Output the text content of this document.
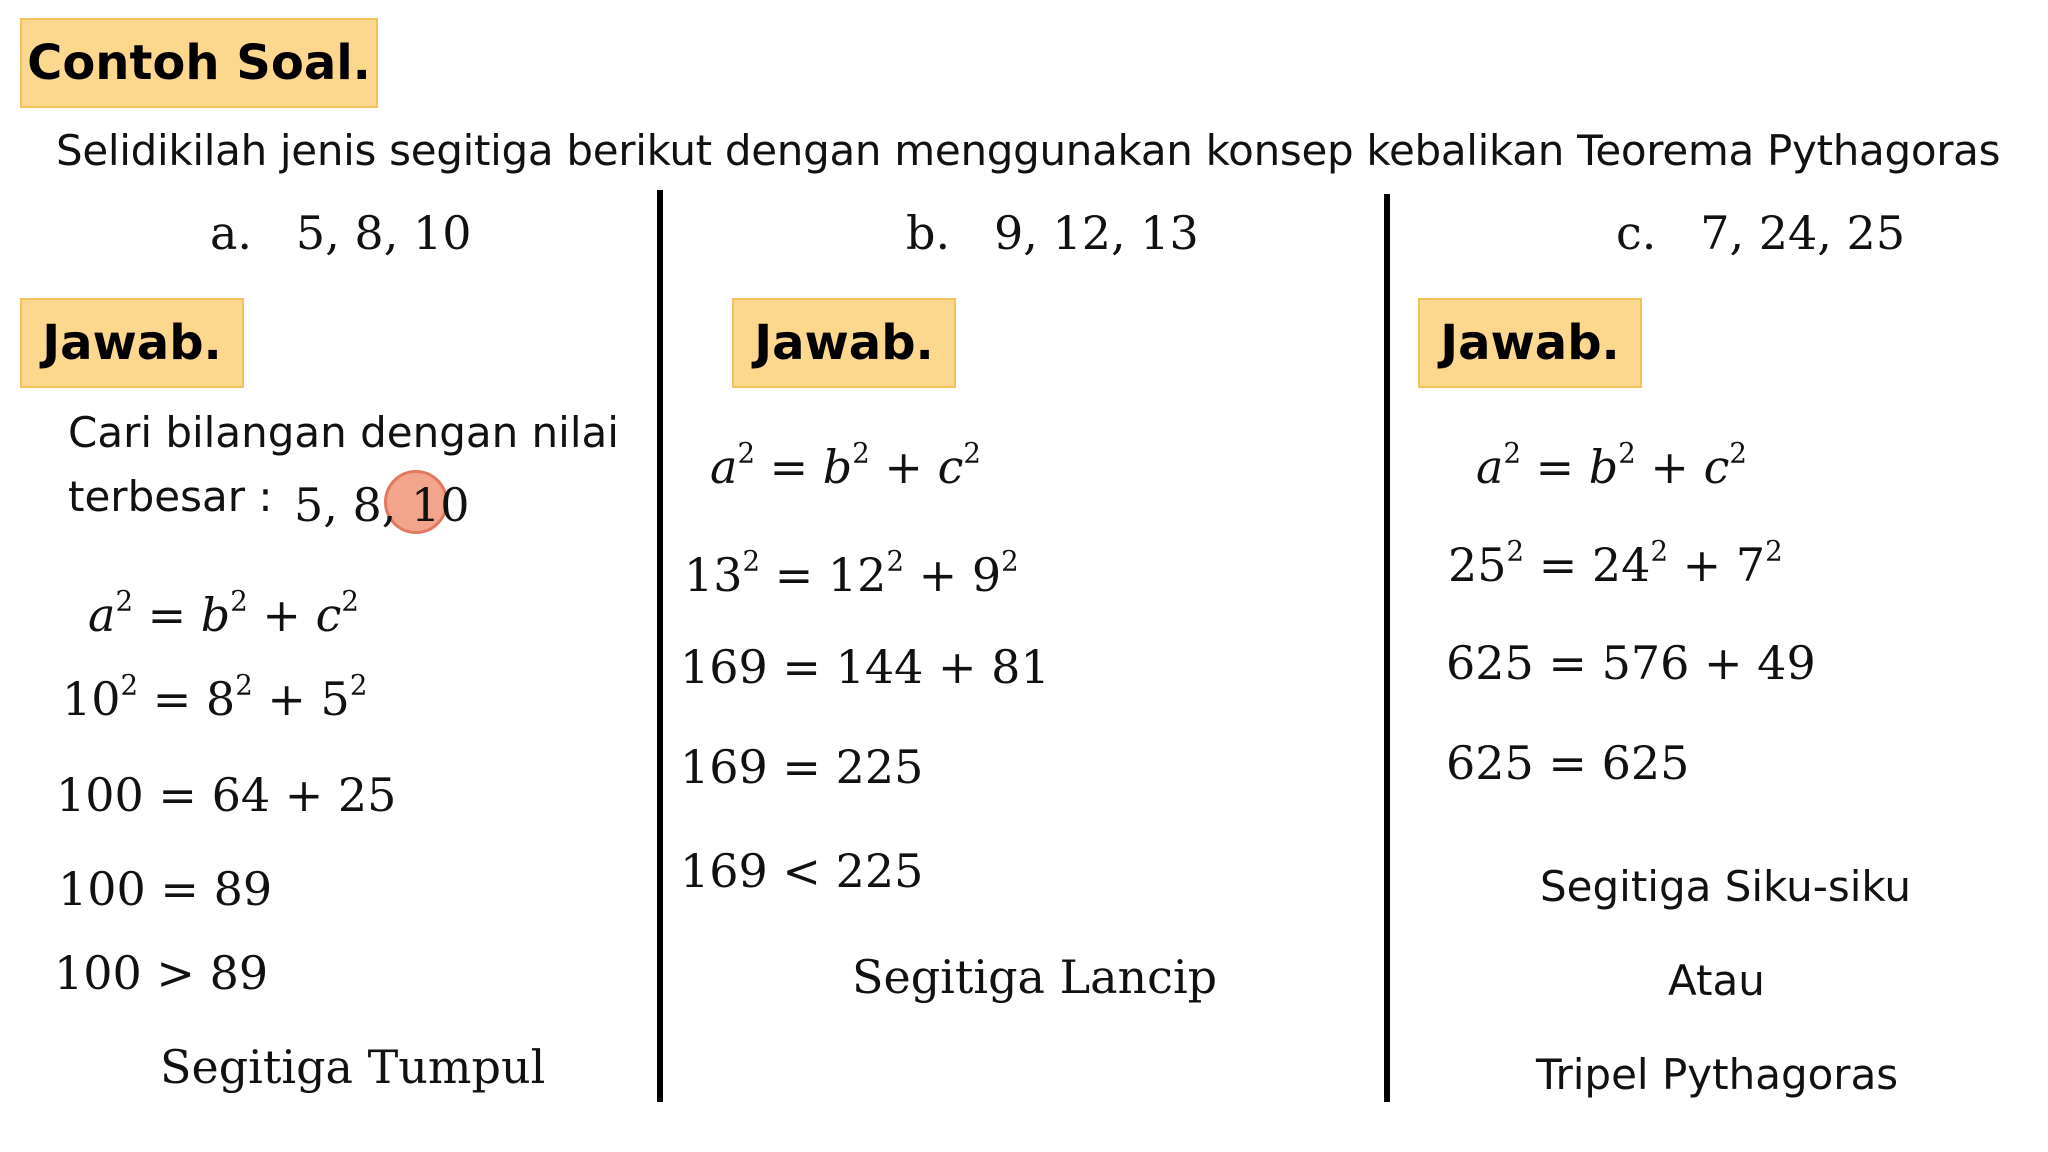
Contoh Soal.
Selidikilah jenis segitiga berikut dengan menggunakan konsep kebalikan Teorema Pythagoras
a. 5, 8, 10	b. 9, 12, 13	c. 7, 24, 25
Jawab.	Jawab.	Jawab.
Cari bilangan dengan nilai
terbesar : 5, 8, 10
$a^2 = b^2 + c^2$
$10^2 = 8^2 + 5^2$
100 = 64 + 25
100 = 89
100 > 89
Segitiga Tumpul
$a^2 = b^2 + c^2$
$13^2 = 12^2 + 9^2$
169 = 144 + 81
169 = 225
169 < 225
Segitiga Lancip
$a^2 = b^2 + c^2$
$25^2 = 24^2 + 7^2$
625 = 576 + 49
625 = 625
Segitiga Siku-siku
Atau
Tripel Pythagoras
